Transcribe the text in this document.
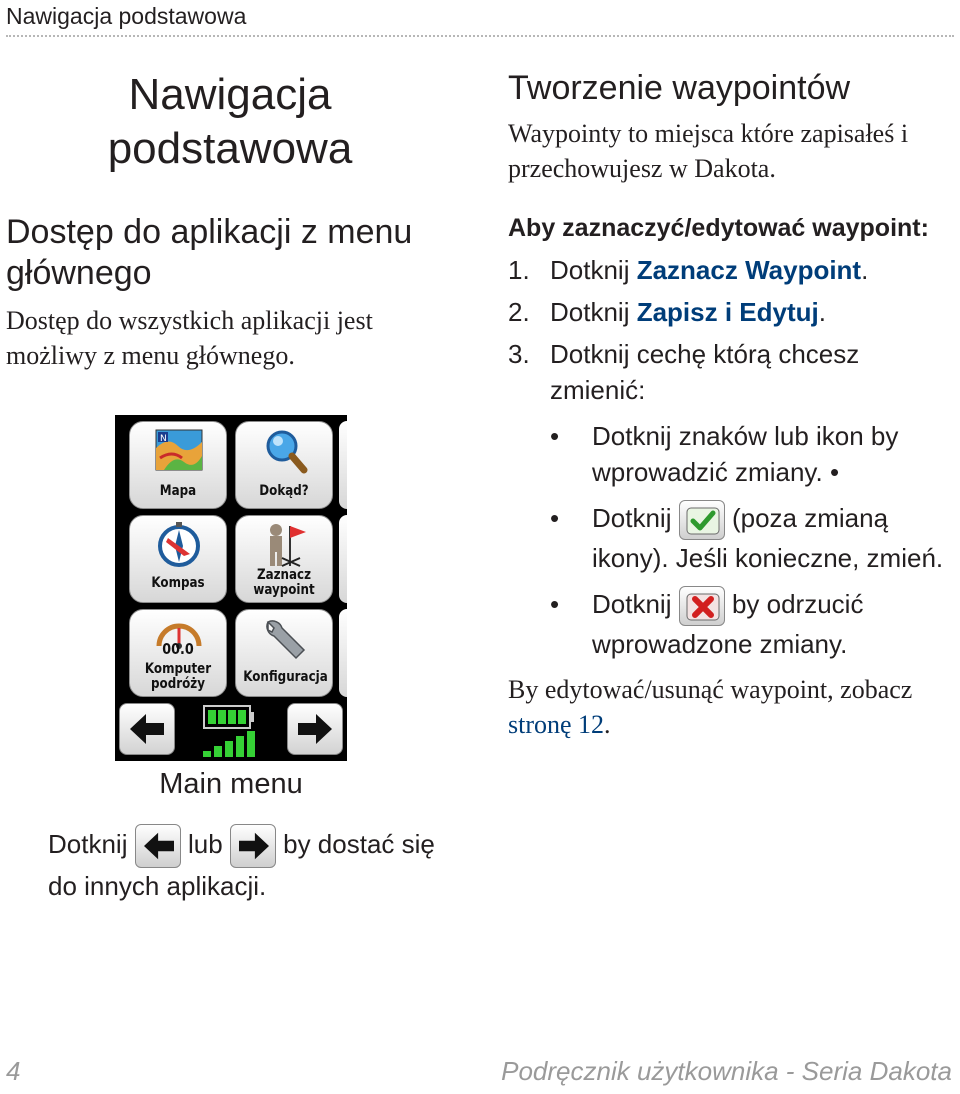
Nawigacja podstawowa
Nawigacja podstawowa
Dostęp do aplikacji z menu głównego

Dostęp do wszystkich aplikacji jest możliwy z menu głównego.

N
Mapa	Dokąd?
Kompas	Zaznacz
waypoint
00.0
Komputer
podróży	Konfiguracja
Main menu

Dotknij lub by dostać się do innych aplikacji.

Tworzenie waypointów

Waypointy to miejsca które zapisałeś i przechowujesz w Dakota.

Aby zaznaczyć/edytować waypoint:

1. Dotknij Zaznacz Waypoint.

2. Dotknij Zapisz i Edytuj.

3. Dotknij cechę którą chcesz zmienić:

• Dotknij znaków lub ikon by wprowadzić zmiany. •

• Dotknij (poza zmianą ikony). Jeśli konieczne, zmień.

• Dotknij by odrzucić wprowadzone zmiany.

By edytować/usunąć waypoint, zobacz stronę 12.

4	Podręcznik użytkownika - Seria Dakota
